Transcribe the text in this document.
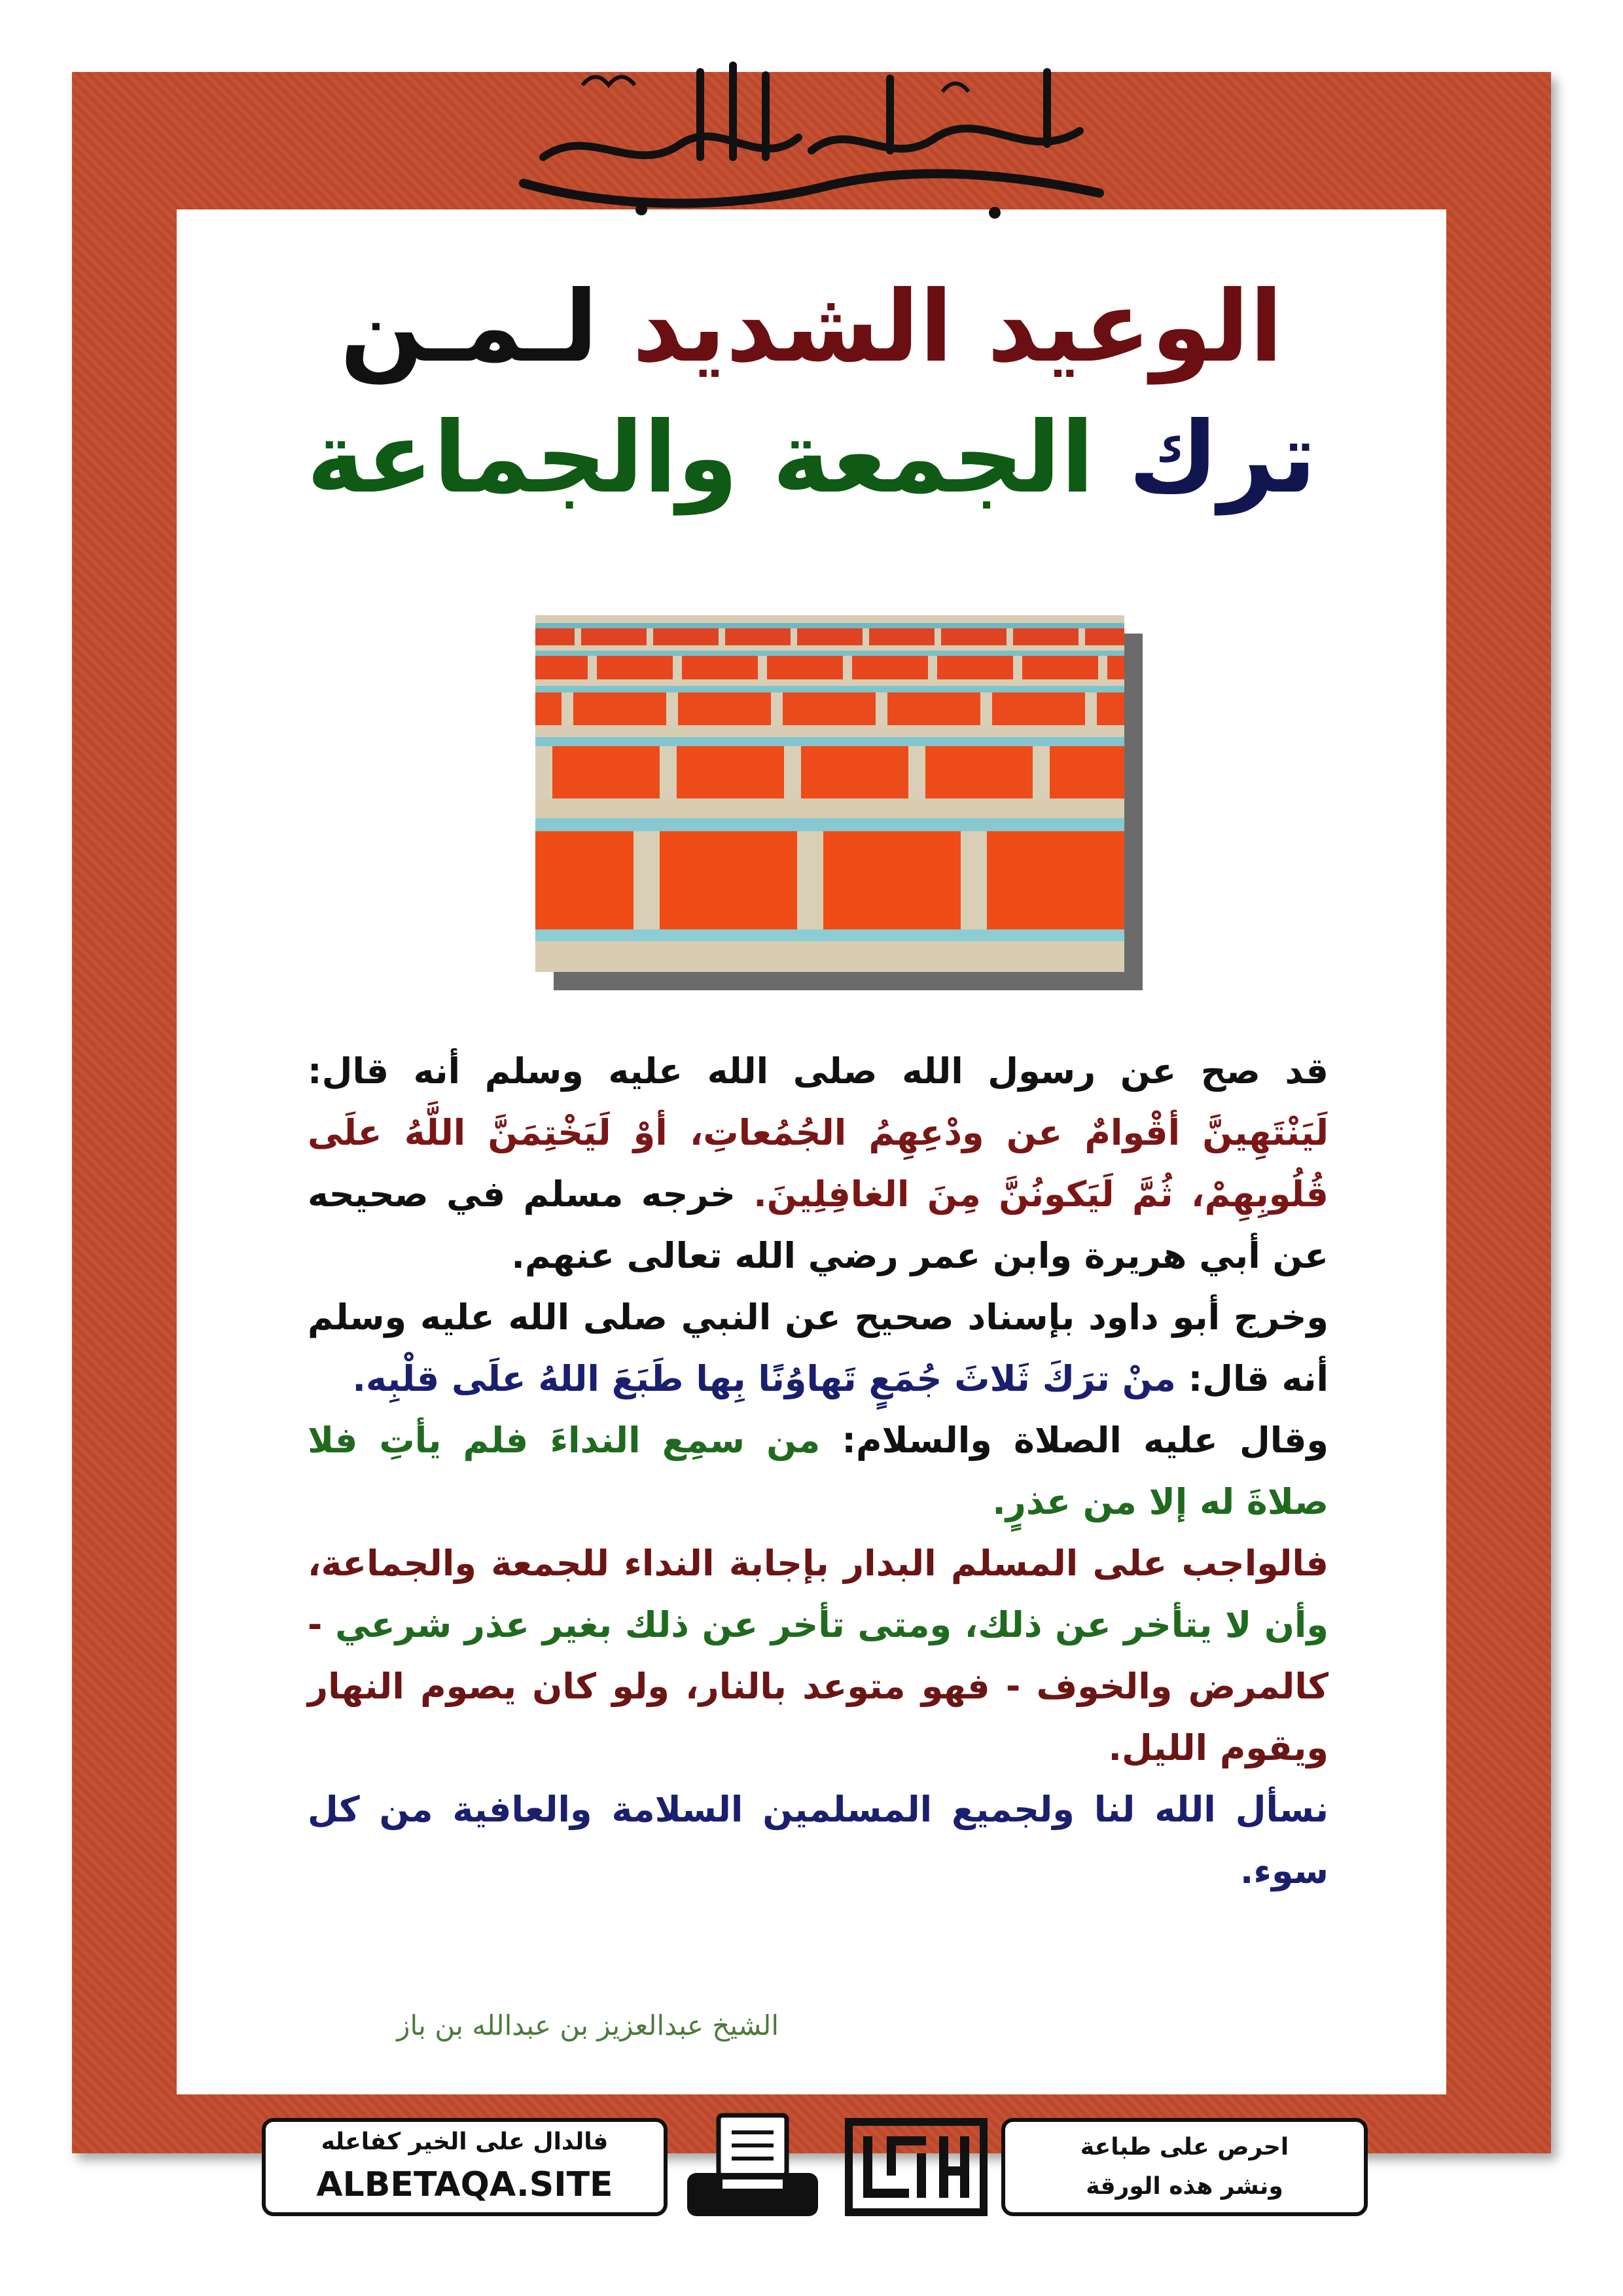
الوعيد الشديد لـمـن
ترك الجمعة والجماعة

قد صح عن رسول الله صلى الله عليه وسلم أنه قال: لَيَنْتَهِينَّ أقْوامٌ عن ودْعِهِمُ الجُمُعاتِ، أوْ لَيَخْتِمَنَّ اللَّهُ علَى قُلُوبِهِمْ، ثُمَّ لَيَكونُنَّ مِنَ الغافِلِينَ. خرجه مسلم في صحيحه عن أبي هريرة وابن عمر رضي الله تعالى عنهم.

وخرج أبو داود بإسناد صحيح عن النبي صلى الله عليه وسلم أنه قال: منْ ترَكَ ثَلاثَ جُمَعٍ تَهاوُنًا بِها طَبَعَ اللهُ علَى قلْبِه.

وقال عليه الصلاة والسلام: من سمِع النداءَ فلم يأتِ فلا صلاةَ له إلا من عذرٍ.

فالواجب على المسلم البدار بإجابة النداء للجمعة والجماعة، وأن لا يتأخر عن ذلك، ومتى تأخر عن ذلك بغير عذر شرعي - كالمرض والخوف - فهو متوعد بالنار، ولو كان يصوم النهار ويقوم الليل.

نسأل الله لنا ولجميع المسلمين السلامة والعافية من كل سوء.

الشيخ عبدالعزيز بن عبدالله بن باز
فالدال على الخير كفاعله
ALBETAQA.SITE
احرص على طباعة
ونشر هذه الورقة
